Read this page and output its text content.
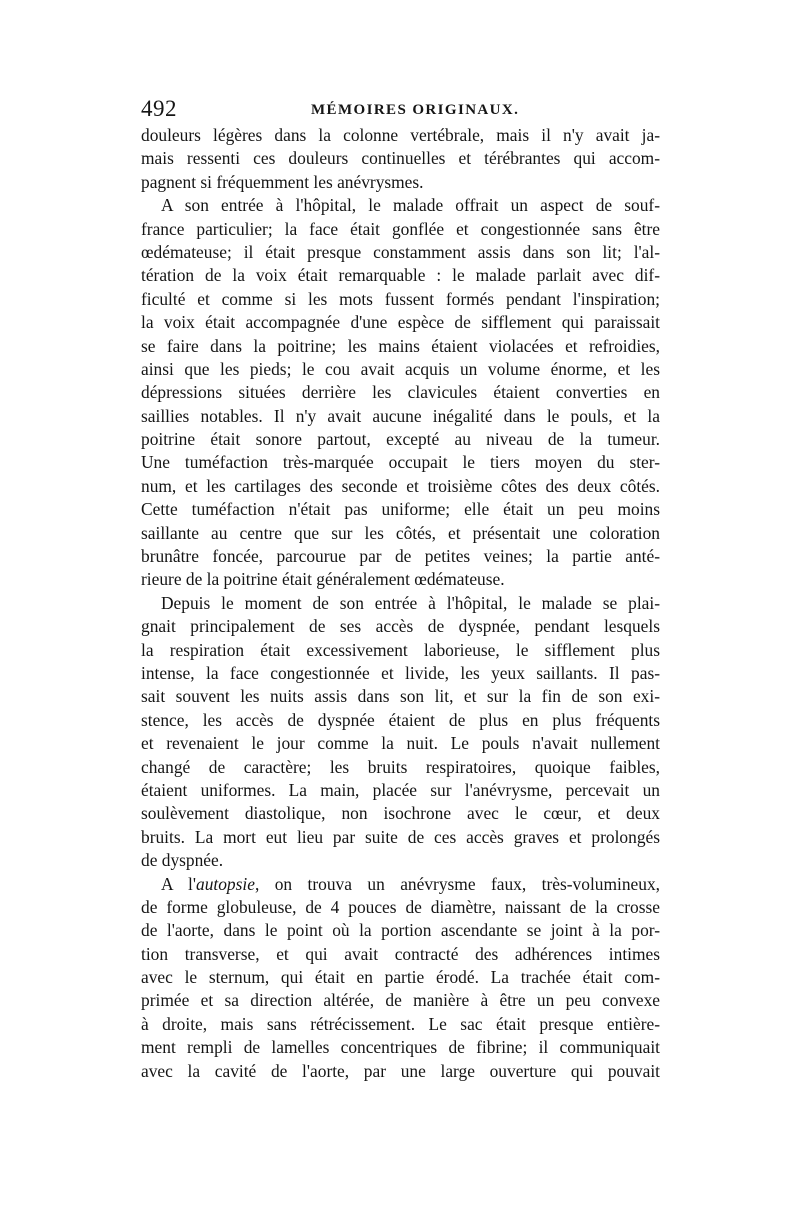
492	MÉMOIRES ORIGINAUX.
douleurs légères dans la colonne vertébrale, mais il n'y avait ja-
mais ressenti ces douleurs continuelles et térébrantes qui accom-
pagnent si fréquemment les anévrysmes.
A son entrée à l'hôpital, le malade offrait un aspect de souf-
france particulier; la face était gonflée et congestionnée sans être
œdémateuse; il était presque constamment assis dans son lit; l'al-
tération de la voix était remarquable : le malade parlait avec dif-
ficulté et comme si les mots fussent formés pendant l'inspiration;
la voix était accompagnée d'une espèce de sifflement qui paraissait
se faire dans la poitrine; les mains étaient violacées et refroidies,
ainsi que les pieds; le cou avait acquis un volume énorme, et les
dépressions situées derrière les clavicules étaient converties en
saillies notables. Il n'y avait aucune inégalité dans le pouls, et la
poitrine était sonore partout, excepté au niveau de la tumeur.
Une tuméfaction très-marquée occupait le tiers moyen du ster-
num, et les cartilages des seconde et troisième côtes des deux côtés.
Cette tuméfaction n'était pas uniforme; elle était un peu moins
saillante au centre que sur les côtés, et présentait une coloration
brunâtre foncée, parcourue par de petites veines; la partie anté-
rieure de la poitrine était généralement œdémateuse.
Depuis le moment de son entrée à l'hôpital, le malade se plai-
gnait principalement de ses accès de dyspnée, pendant lesquels
la respiration était excessivement laborieuse, le sifflement plus
intense, la face congestionnée et livide, les yeux saillants. Il pas-
sait souvent les nuits assis dans son lit, et sur la fin de son exi-
stence, les accès de dyspnée étaient de plus en plus fréquents
et revenaient le jour comme la nuit. Le pouls n'avait nullement
changé de caractère; les bruits respiratoires, quoique faibles,
étaient uniformes. La main, placée sur l'anévrysme, percevait un
soulèvement diastolique, non isochrone avec le cœur, et deux
bruits. La mort eut lieu par suite de ces accès graves et prolongés
de dyspnée.
A l'autopsie, on trouva un anévrysme faux, très-volumineux,
de forme globuleuse, de 4 pouces de diamètre, naissant de la crosse
de l'aorte, dans le point où la portion ascendante se joint à la por-
tion transverse, et qui avait contracté des adhérences intimes
avec le sternum, qui était en partie érodé. La trachée était com-
primée et sa direction altérée, de manière à être un peu convexe
à droite, mais sans rétrécissement. Le sac était presque entière-
ment rempli de lamelles concentriques de fibrine; il communiquait
avec la cavité de l'aorte, par une large ouverture qui pouvait
